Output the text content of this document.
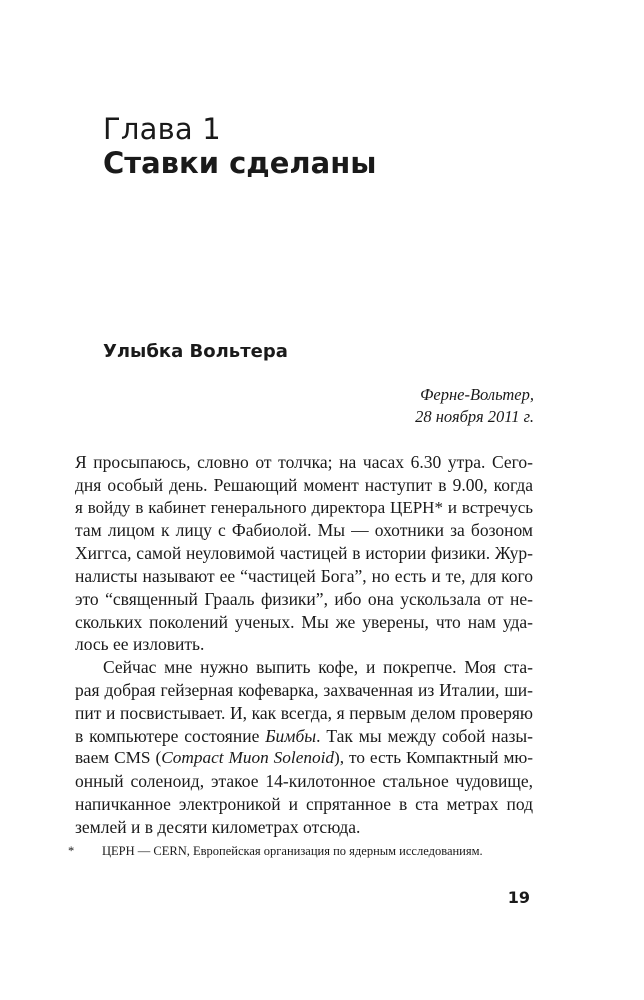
Глава 1
Ставки сделаны
Улыбка Вольтера
Ферне-Вольтер,
28 ноября 2011 г.
Я просыпаюсь, словно от толчка; на часах 6.30 утра. Сего-
дня особый день. Решающий момент наступит в 9.00, когда
я войду в кабинет генерального директора ЦЕРН* и встречусь
там лицом к лицу с Фабиолой. Мы — охотники за бозоном
Хиггса, самой неуловимой частицей в истории физики. Жур-
налисты называют ее “частицей Бога”, но есть и те, для кого
это “священный Грааль физики”, ибо она ускользала от не-
скольких поколений ученых. Мы же уверены, что нам уда-
лось ее изловить.
Сейчас мне нужно выпить кофе, и покрепче. Моя ста-
рая добрая гейзерная кофеварка, захваченная из Италии, ши-
пит и посвистывает. И, как всегда, я первым делом проверяю
в компьютере состояние Бимбы. Так мы между собой назы-
ваем CMS (Compact Muon Solenoid), то есть Компактный мю-
онный соленоид, этакое 14-килотонное стальное чудовище,
напичканное электроникой и спрятанное в ста метрах под
землей и в десяти километрах отсюда.
* ЦЕРН — CERN, Европейская организация по ядерным исследованиям.
19
